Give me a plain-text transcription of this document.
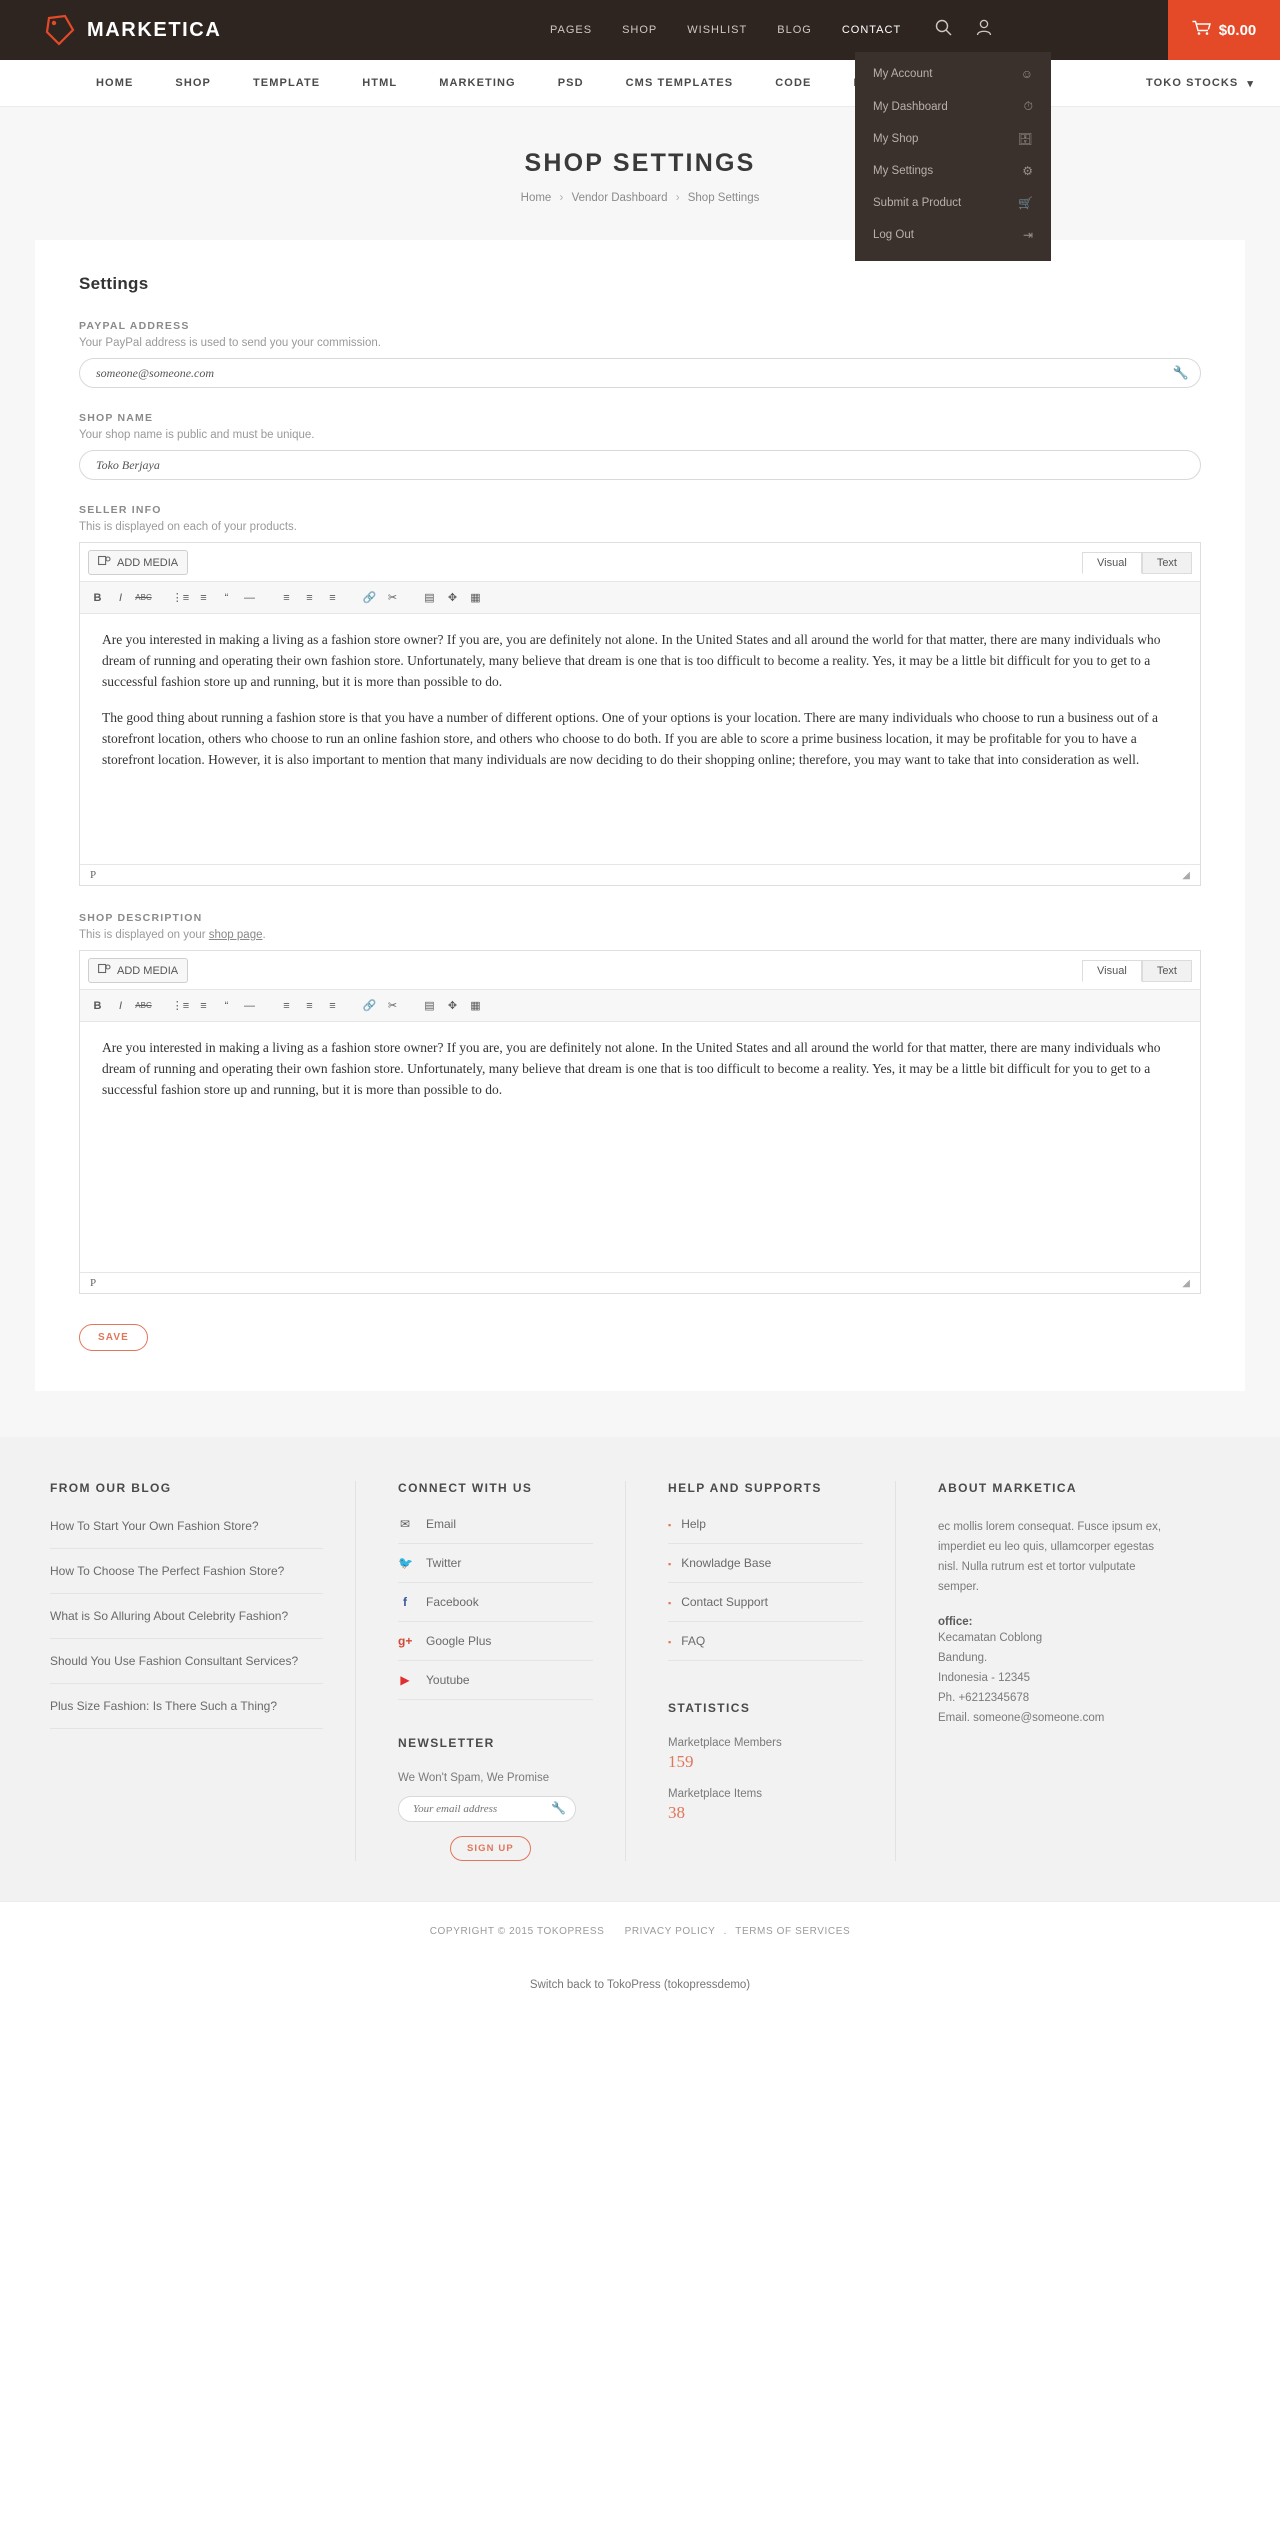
MARKETICA	PAGES	SHOP	WISHLIST	BLOG	CONTACT	$0.00
HOME	SHOP	TEMPLATE	HTML	MARKETING	PSD	CMS TEMPLATES	CODE	TOKO STOCKS ▾
My Account	☺
My Dashboard	⏱
My Shop	🗄
My Settings	⚙
Submit a Product	🛒
Log Out	⇥
SHOP SETTINGS
Home › Vendor Dashboard › Shop Settings
Settings
PAYPAL ADDRESS
Your PayPal address is used to send you your commission.
someone@someone.com
🔧
SHOP NAME
Your shop name is public and must be unique.
Toko Berjaya
SELLER INFO
This is displayed on each of your products.
ADD MEDIA	Visual	Text
B I ABC ⋮≡	≡	“	—	≡	≡	≡	🔗	✂	▤	✥	▦

Are you interested in making a living as a fashion store owner? If you are, you are definitely not alone. In the United States and all around the world for that matter, there are many individuals who dream of running and operating their own fashion store. Unfortunately, many believe that dream is one that is too difficult to become a reality. Yes, it may be a little bit difficult for you to get to a successful fashion store up and running, but it is more than possible to do.

The good thing about running a fashion store is that you have a number of different options. One of your options is your location. There are many individuals who choose to run a business out of a storefront location, others who choose to run an online fashion store, and others who choose to do both. If you are able to score a prime business location, it may be profitable for you to have a storefront location. However, it is also important to mention that many individuals are now deciding to do their shopping online; therefore, you may want to take that into consideration as well.

P	◢
SHOP DESCRIPTION
This is displayed on your shop page.
ADD MEDIA	Visual	Text
B I ABC ⋮≡	≡	“	—	≡	≡	≡	🔗	✂	▤	✥	▦

Are you interested in making a living as a fashion store owner? If you are, you are definitely not alone. In the United States and all around the world for that matter, there are many individuals who dream of running and operating their own fashion store. Unfortunately, many believe that dream is one that is too difficult to become a reality. Yes, it may be a little bit difficult for you to get to a successful fashion store up and running, but it is more than possible to do.

P	◢
SAVE
FROM OUR BLOG
How To Start Your Own Fashion Store?
How To Choose The Perfect Fashion Store?
What is So Alluring About Celebrity Fashion?
Should You Use Fashion Consultant Services?
Plus Size Fashion: Is There Such a Thing?
CONNECT WITH US
✉ Email
🐦 Twitter
f	Facebook
g+ Google Plus
▶ Youtube
NEWSLETTER
We Won't Spam, We Promise
Your email address
🔧
SIGN UP
HELP AND SUPPORTS
▪ Help
▪ Knowladge Base
▪ Contact Support
▪ FAQ
STATISTICS
Marketplace Members
159
Marketplace Items
38
ABOUT MARKETICA
ec mollis lorem consequat. Fusce ipsum ex, imperdiet eu leo quis, ullamcorper egestas nisl. Nulla rutrum est et tortor vulputate semper.
office:
Kecamatan Coblong
Bandung.
Indonesia - 12345
Ph. +6212345678
Email. someone@someone.com
COPYRIGHT © 2015 TOKOPRESS PRIVACY POLICY . TERMS OF SERVICES
Switch back to TokoPress (tokopressdemo)
